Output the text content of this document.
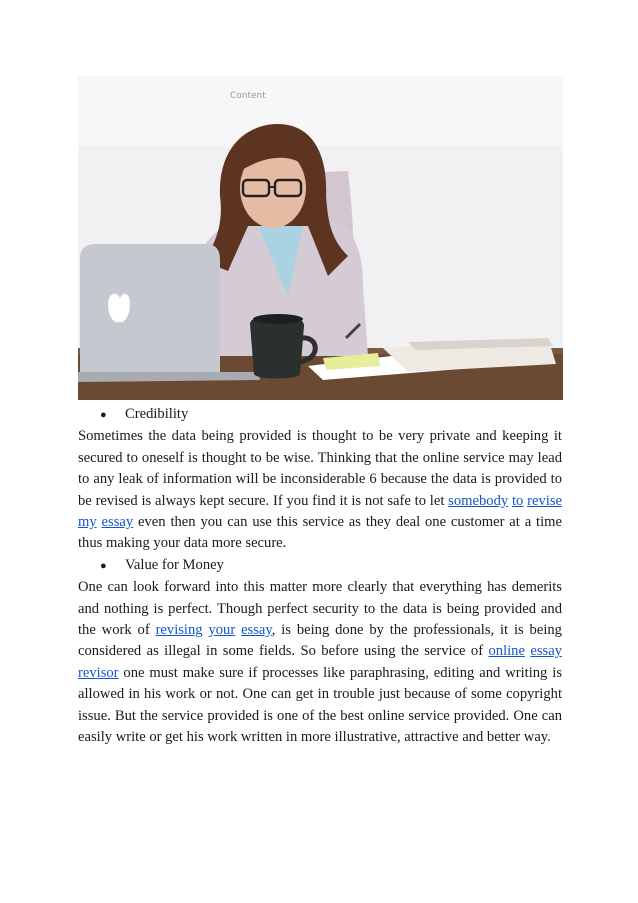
Content
●	Credibility

Sometimes the data being provided is thought to be very private and keeping it secured to oneself is thought to be wise. Thinking that the online service may lead to any leak of information will be inconsiderable 6 because the data is provided to be revised is always kept secure. If you find it is not safe to let somebody to revise my essay even then you can use this service as they deal one customer at a time thus making your data more secure.

●	Value for Money

One can look forward into this matter more clearly that everything has demerits and nothing is perfect. Though perfect security to the data is being provided and the work of revising your essay, is being done by the professionals, it is being considered as illegal in some fields. So before using the service of online essay revisor one must make sure if processes like paraphrasing, editing and writing is allowed in his work or not. One can get in trouble just because of some copyright issue. But the service provided is one of the best online service provided. One can easily write or get his work written in more illustrative, attractive and better way.
